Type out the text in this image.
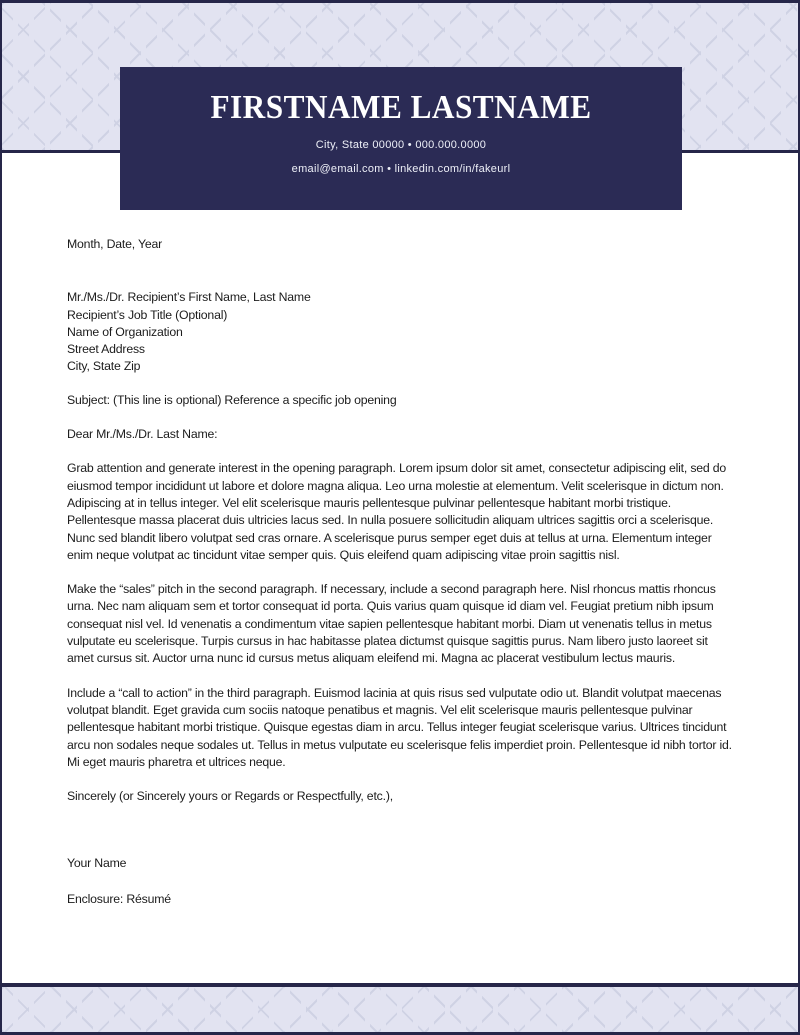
FIRSTNAME LASTNAME
City, State 00000 • 000.000.0000
email@email.com • linkedin.com/in/fakeurl

Month, Date, Year

Mr./Ms./Dr. Recipient’s First Name, Last Name
Recipient’s Job Title (Optional)
Name of Organization
Street Address
City, State Zip

Subject: (This line is optional) Reference a specific job opening

Dear Mr./Ms./Dr. Last Name:

Grab attention and generate interest in the opening paragraph. Lorem ipsum dolor sit amet, consectetur adipiscing elit, sed do eiusmod tempor incididunt ut labore et dolore magna aliqua. Leo urna molestie at elementum. Velit scelerisque in dictum non. Adipiscing at in tellus integer. Vel elit scelerisque mauris pellentesque pulvinar pellentesque habitant morbi tristique. Pellentesque massa placerat duis ultricies lacus sed. In nulla posuere sollicitudin aliquam ultrices sagittis orci a scelerisque. Nunc sed blandit libero volutpat sed cras ornare. A scelerisque purus semper eget duis at tellus at urna. Elementum integer enim neque volutpat ac tincidunt vitae semper quis. Quis eleifend quam adipiscing vitae proin sagittis nisl.

Make the “sales” pitch in the second paragraph. If necessary, include a second paragraph here. Nisl rhoncus mattis rhoncus urna. Nec nam aliquam sem et tortor consequat id porta. Quis varius quam quisque id diam vel. Feugiat pretium nibh ipsum consequat nisl vel. Id venenatis a condimentum vitae sapien pellentesque habitant morbi. Diam ut venenatis tellus in metus vulputate eu scelerisque. Turpis cursus in hac habitasse platea dictumst quisque sagittis purus. Nam libero justo laoreet sit amet cursus sit. Auctor urna nunc id cursus metus aliquam eleifend mi. Magna ac placerat vestibulum lectus mauris.

Include a “call to action” in the third paragraph. Euismod lacinia at quis risus sed vulputate odio ut. Blandit volutpat maecenas volutpat blandit. Eget gravida cum sociis natoque penatibus et magnis. Vel elit scelerisque mauris pellentesque pulvinar pellentesque habitant morbi tristique. Quisque egestas diam in arcu. Tellus integer feugiat scelerisque varius. Ultrices tincidunt arcu non sodales neque sodales ut. Tellus in metus vulputate eu scelerisque felis imperdiet proin. Pellentesque id nibh tortor id. Mi eget mauris pharetra et ultrices neque.

Sincerely (or Sincerely yours or Regards or Respectfully, etc.),

Your Name

Enclosure: Résumé
